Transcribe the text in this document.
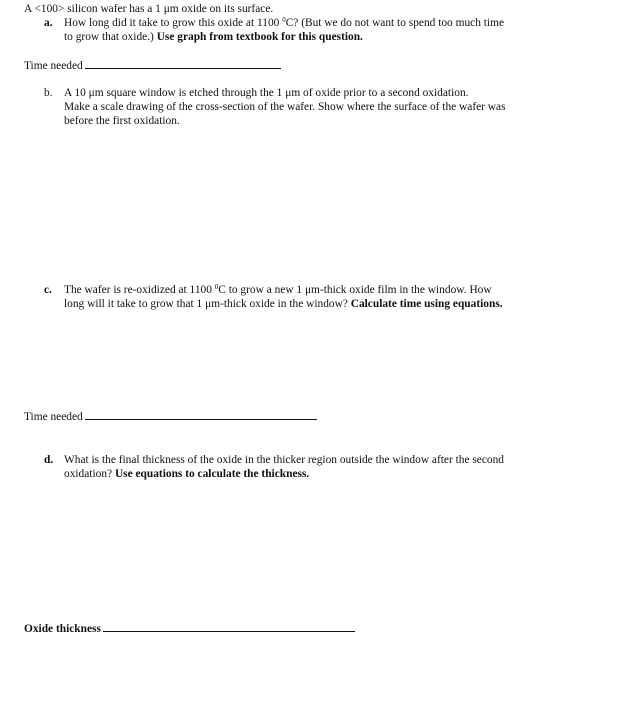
A <100> silicon wafer has a 1 μm oxide on its surface.
a.	How long did it take to grow this oxide at 1100 $^0$C? (But we do not want to spend too much time
to grow that oxide.) Use graph from textbook for this question.
Time needed
b.	A 10 μm square window is etched through the 1 μm of oxide prior to a second oxidation.
Make a scale drawing of the cross-section of the wafer. Show where the surface of the wafer was
before the first oxidation.
c.	The wafer is re-oxidized at 1100 $^0$C to grow a new 1 μm-thick oxide film in the window. How
long will it take to grow that 1 μm-thick oxide in the window? Calculate time using equations.
Time needed
d. What is the final thickness of the oxide in the thicker region outside the window after the second
oxidation? Use equations to calculate the thickness.
Oxide thickness
